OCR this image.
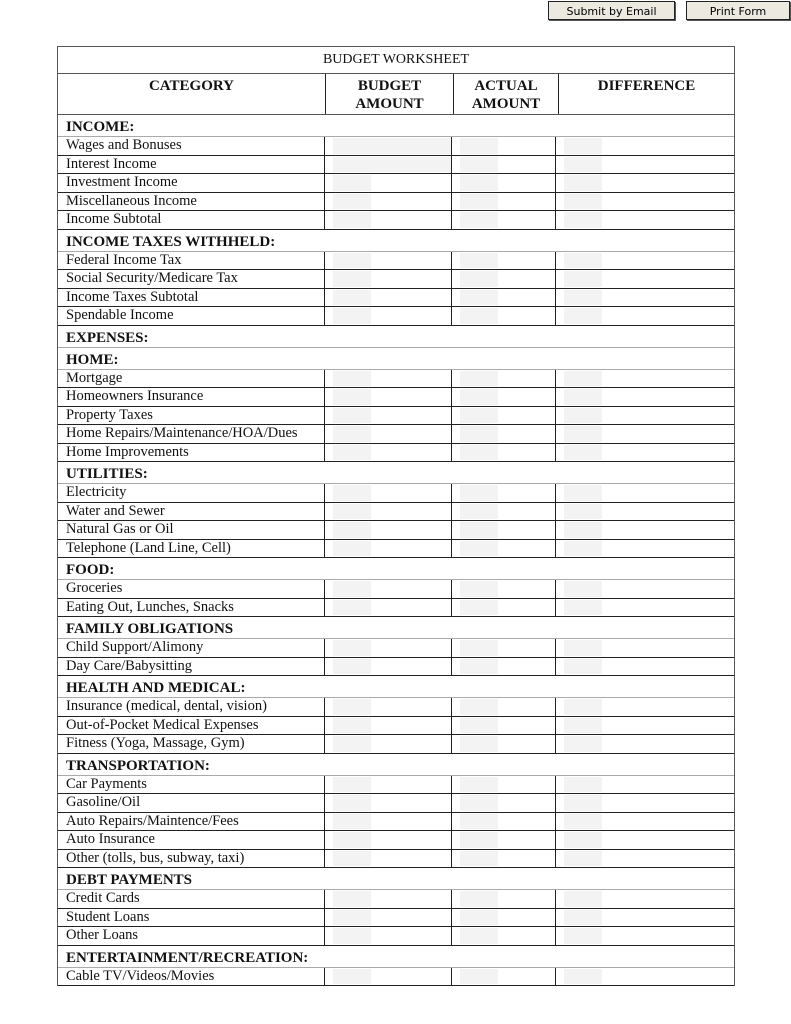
Submit by Email	Print Form
BUDGET WORKSHEET
CATEGORY	BUDGET AMOUNT
ACTUAL AMOUNT
DIFFERENCE
INCOME:
Wages and Bonuses
Interest Income
Investment Income
Miscellaneous Income
Income Subtotal
INCOME TAXES WITHHELD:
Federal Income Tax
Social Security/Medicare Tax
Income Taxes Subtotal
Spendable Income
EXPENSES:
HOME:
Mortgage
Homeowners Insurance
Property Taxes
Home Repairs/Maintenance/HOA/Dues
Home Improvements
UTILITIES:
Electricity
Water and Sewer
Natural Gas or Oil
Telephone (Land Line, Cell)
FOOD:
Groceries
Eating Out, Lunches, Snacks
FAMILY OBLIGATIONS
Child Support/Alimony
Day Care/Babysitting
HEALTH AND MEDICAL:
Insurance (medical, dental, vision)
Out-of-Pocket Medical Expenses
Fitness (Yoga, Massage, Gym)
TRANSPORTATION:
Car Payments
Gasoline/Oil
Auto Repairs/Maintence/Fees
Auto Insurance
Other (tolls, bus, subway, taxi)
DEBT PAYMENTS
Credit Cards
Student Loans
Other Loans
ENTERTAINMENT/RECREATION:
Cable TV/Videos/Movies
